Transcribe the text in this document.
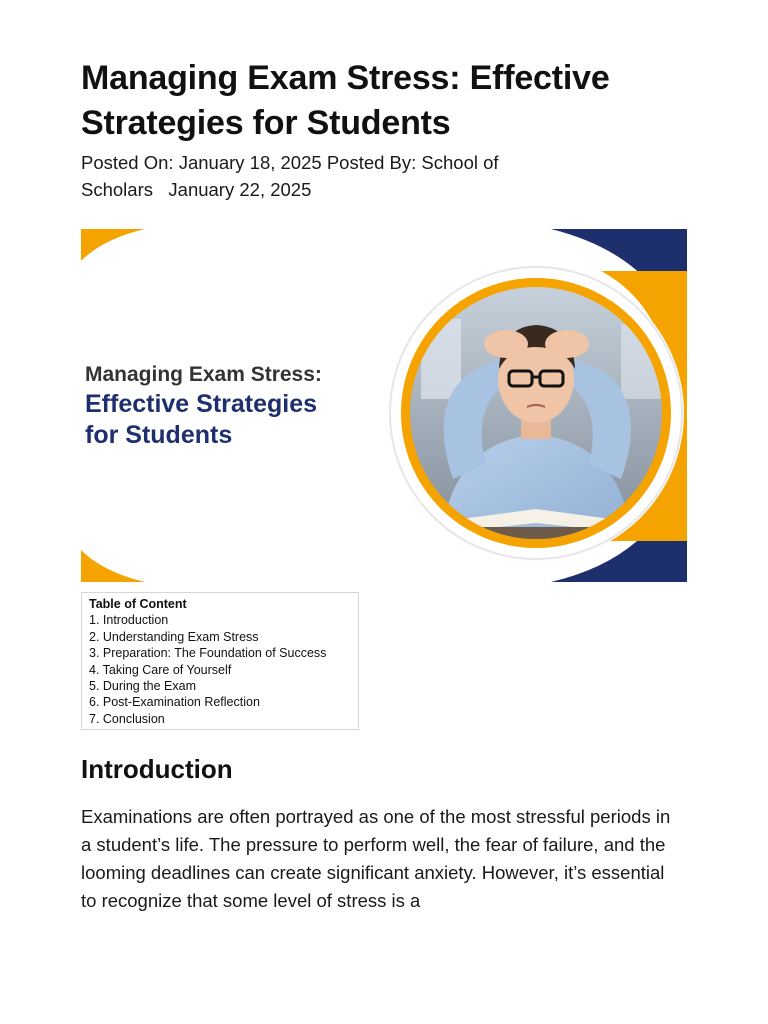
Managing Exam Stress: Effective Strategies for Students
Posted On: January 18, 2025 Posted By: School of Scholars January 22, 2025
Managing Exam Stress:
Effective Strategies
for Students
Table of Content
1. Introduction
2. Understanding Exam Stress
3. Preparation: The Foundation of Success
4. Taking Care of Yourself
5. During the Exam
6. Post-Examination Reflection
7. Conclusion
Introduction

Examinations are often portrayed as one of the most stressful periods in a student’s life. The pressure to perform well, the fear of failure, and the looming deadlines can create significant anxiety. However, it’s essential to recognize that some level of stress is a
